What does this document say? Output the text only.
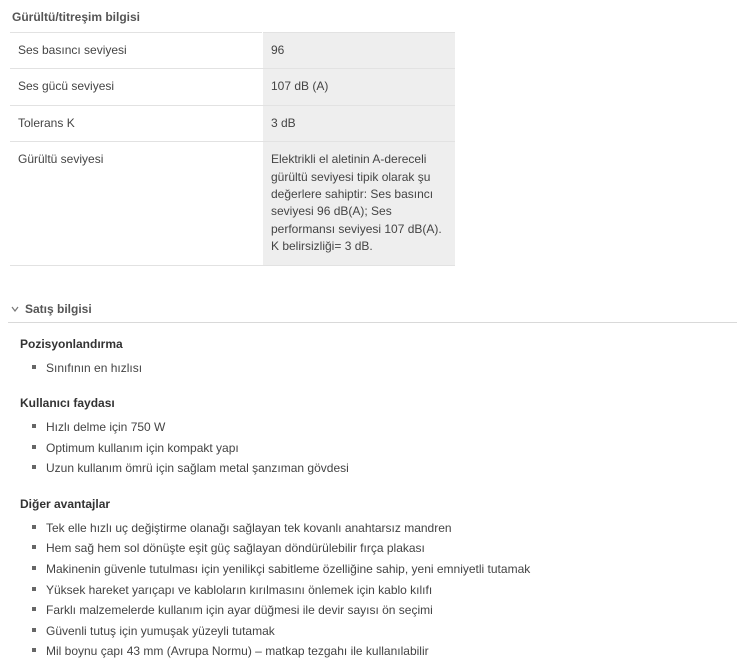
Gürültü/titreşim bilgisi
Ses basıncı seviyesi	96
Ses gücü seviyesi	107 dB (A)
Tolerans K	3 dB
Gürültü seviyesi	Elektrikli el aletinin A-dereceli gürültü seviyesi tipik olarak şu değerlere sahiptir: Ses basıncı seviyesi 96 dB(A); Ses performansı seviyesi 107 dB(A). K belirsizliği= 3 dB.
Satış bilgisi
Pozisyonlandırma
Sınıfının en hızlısı
Kullanıcı faydası
Hızlı delme için 750 W
Optimum kullanım için kompakt yapı
Uzun kullanım ömrü için sağlam metal şanzıman gövdesi
Diğer avantajlar
Tek elle hızlı uç değiştirme olanağı sağlayan tek kovanlı anahtarsız mandren
Hem sağ hem sol dönüşte eşit güç sağlayan döndürülebilir fırça plakası
Makinenin güvenle tutulması için yenilikçi sabitleme özelliğine sahip, yeni emniyetli tutamak
Yüksek hareket yarıçapı ve kabloların kırılmasını önlemek için kablo kılıfı
Farklı malzemelerde kullanım için ayar düğmesi ile devir sayısı ön seçimi
Güvenli tutuş için yumuşak yüzeyli tutamak
Mil boynu çapı 43 mm (Avrupa Normu) – matkap tezgahı ile kullanılabilir
